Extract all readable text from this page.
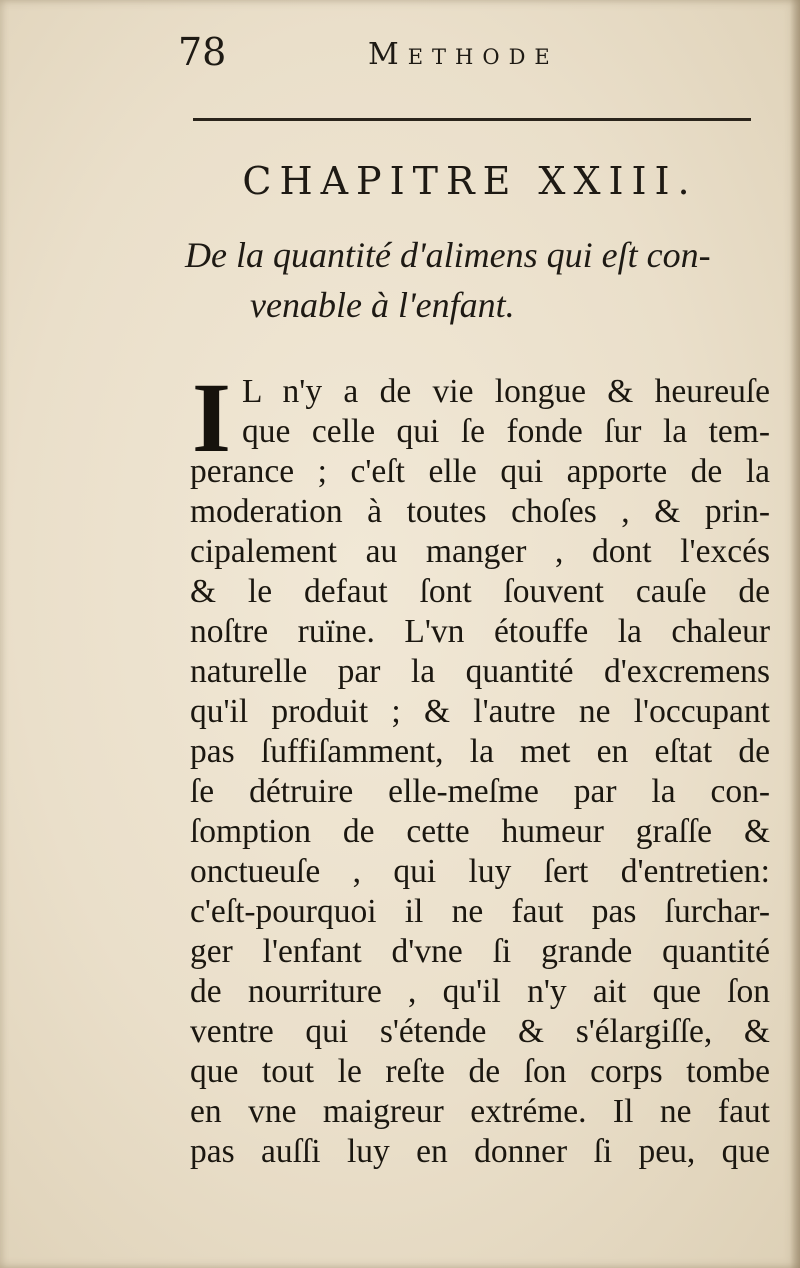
78	Methode
CHAPITRE XXIII.
De la quantité d'alimens qui eſt con-
venable à l'enfant.
I L n'y a de vie longue & heureuſe
que celle qui ſe fonde ſur la tem-
perance ; c'eſt elle qui apporte de la
moderation à toutes choſes , & prin-
cipalement au manger , dont l'excés
& le defaut ſont ſouvent cauſe de
noſtre ruïne. L'vn étouffe la chaleur
naturelle par la quantité d'excremens
qu'il produit ; & l'autre ne l'occupant
pas ſuffiſamment, la met en eſtat de
ſe détruire elle-meſme par la con-
ſomption de cette humeur graſſe &
onctueuſe , qui luy ſert d'entretien:
c'eſt-pourquoi il ne faut pas ſurchar-
ger l'enfant d'vne ſi grande quantité
de nourriture , qu'il n'y ait que ſon
ventre qui s'étende & s'élargiſſe, &
que tout le reſte de ſon corps tombe
en vne maigreur extréme. Il ne faut
pas auſſi luy en donner ſi peu, que
